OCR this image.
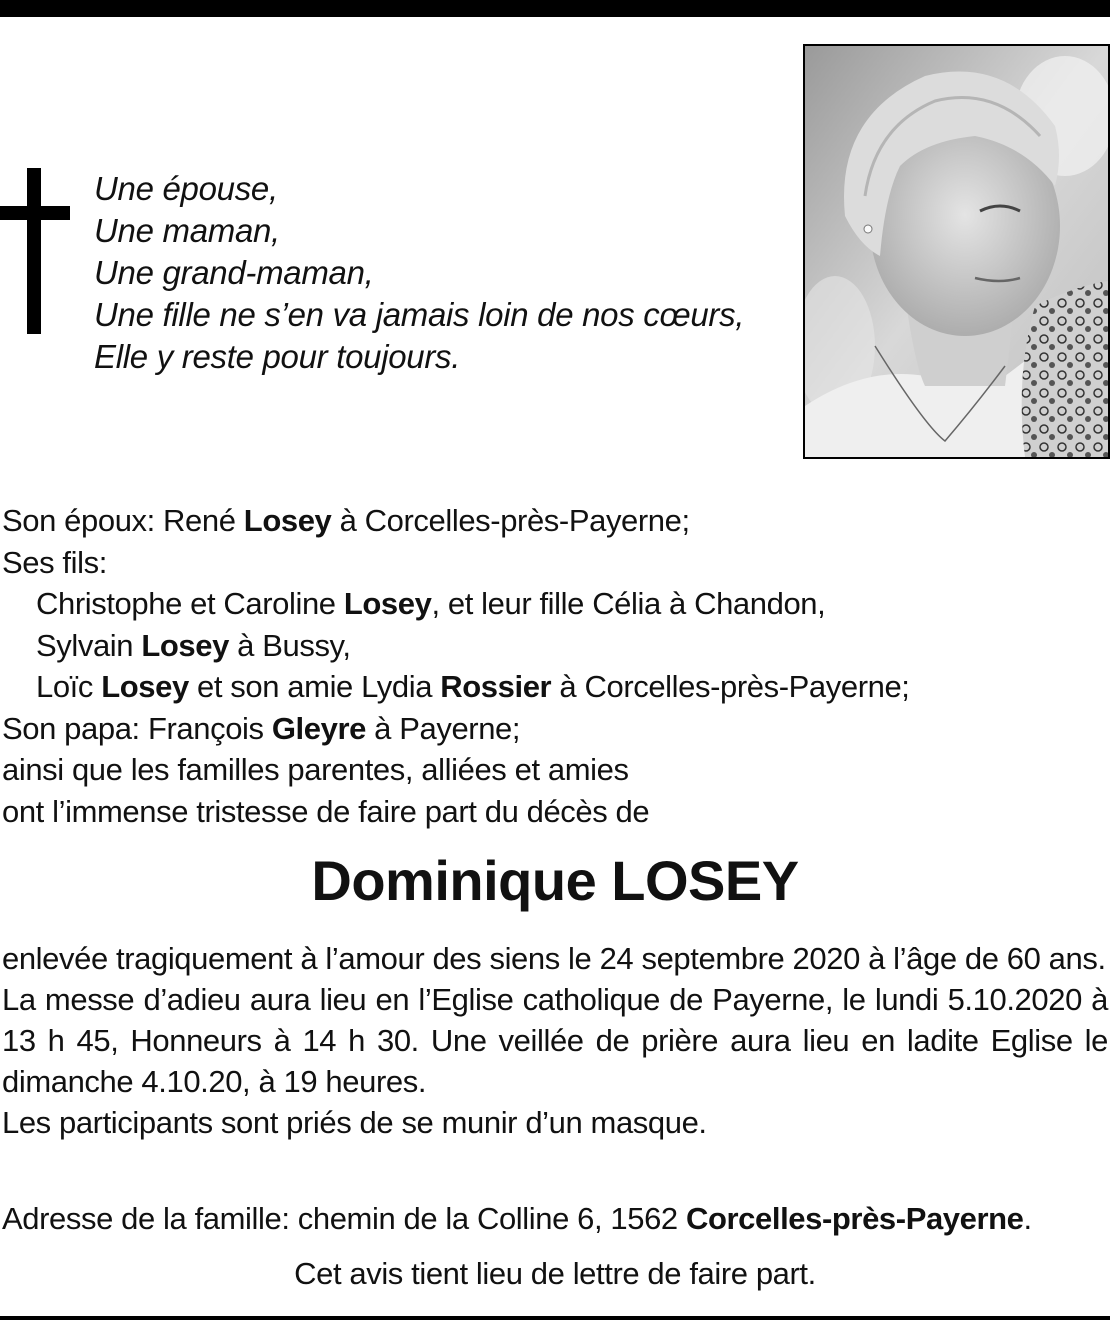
Une épouse,
Une maman,
Une grand-maman,
Une fille ne s’en va jamais loin de nos cœurs,
Elle y reste pour toujours.
Son époux: René Losey à Corcelles-près-Payerne;
Ses fils:
Christophe et Caroline Losey, et leur fille Célia à Chandon,
Sylvain Losey à Bussy,
Loïc Losey et son amie Lydia Rossier à Corcelles-près-Payerne;
Son papa: François Gleyre à Payerne;
ainsi que les familles parentes, alliées et amies
ont l’immense tristesse de faire part du décès de
Dominique LOSEY

enlevée tragiquement à l’amour des siens le 24 septembre 2020 à l’âge de 60 ans.

La messe d’adieu aura lieu en l’Eglise catholique de Payerne, le lundi 5.10.2020 à 13 h 45, Honneurs à 14 h 30. Une veillée de prière aura lieu en ladite Eglise le dimanche 4.10.20, à 19 heures.

Les participants sont priés de se munir d’un masque.

Adresse de la famille: chemin de la Colline 6, 1562 Corcelles-près-Payerne.
Cet avis tient lieu de lettre de faire part.
